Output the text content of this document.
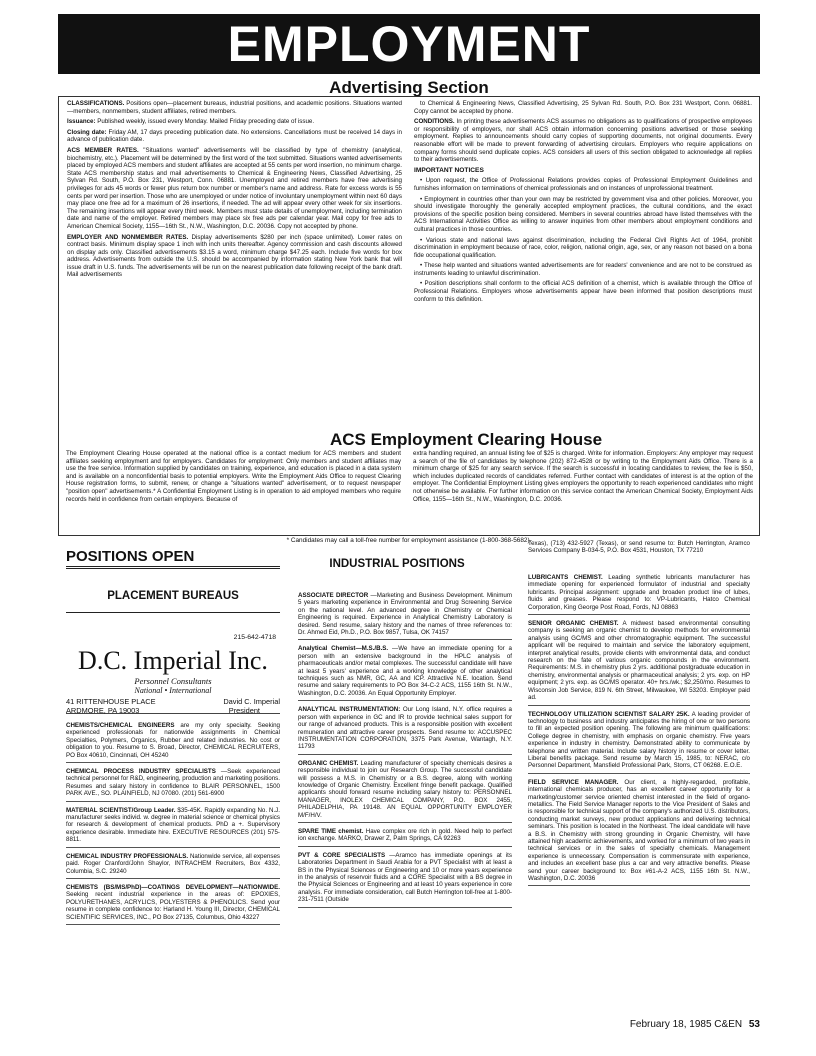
EMPLOYMENT
Advertising Section

CLASSIFICATIONS. Positions open—placement bureaus, industrial positions, and academic positions. Situations wanted—members, nonmembers, student affiliates, retired members.

Issuance: Published weekly, issued every Monday. Mailed Friday preceding date of issue.

Closing date: Friday AM, 17 days preceding publication date. No extensions. Cancellations must be received 14 days in advance of publication date.

ACS MEMBER RATES. "Situations wanted" advertisements will be classified by type of chemistry (analytical, biochemistry, etc.). Placement will be determined by the first word of the text submitted. Situations wanted advertisements placed by employed ACS members and student affiliates are accepted at 55 cents per word insertion, no minimum charge. State ACS membership status and mail advertisements to Chemical & Engineering News, Classified Advertising, 25 Sylvan Rd. South, P.O. Box 231, Westport, Conn. 06881. Unemployed and retired members have free advertising privileges for ads 45 words or fewer plus return box number or member's name and address. Rate for excess words is 55 cents per word per insertion. Those who are unemployed or under notice of involuntary unemployment within next 60 days may place one free ad for a maximum of 26 insertions, if needed. The ad will appear every other week for six insertions. The remaining insertions will appear every third week. Members must state details of unemployment, including termination date and name of the employer. Retired members may place six free ads per calendar year. Mail copy for free ads to American Chemical Society, 1155—16th St., N.W., Washington, D.C. 20036. Copy not accepted by phone.

EMPLOYER AND NONMEMBER RATES. Display advertisements $280 per inch (space unlimited). Lower rates on contract basis. Minimum display space 1 inch with inch units thereafter. Agency commission and cash discounts allowed on display ads only. Classified advertisements $3.15 a word, minimum charge $47.25 each. Include five words for box address. Advertisements from outside the U.S. should be accompanied by information stating New York bank that will issue draft in U.S. funds. The advertisements will be run on the nearest publication date following receipt of the bank draft. Mail advertisements

to Chemical & Engineering News, Classified Advertising, 25 Sylvan Rd. South, P.O. Box 231 Westport, Conn. 06881. Copy cannot be accepted by phone.

CONDITIONS. In printing these advertisements ACS assumes no obligations as to qualifications of prospective employees or responsibility of employers, nor shall ACS obtain information concerning positions advertised or those seeking employment. Replies to announcements should carry copies of supporting documents, not original documents. Every reasonable effort will be made to prevent forwarding of advertising circulars. Employers who require applications on company forms should send duplicate copies. ACS considers all users of this section obligated to acknowledge all replies to their advertisements.

IMPORTANT NOTICES

• Upon request, the Office of Professional Relations provides copies of Professional Employment Guidelines and furnishes information on terminations of chemical professionals and on instances of unprofessional treatment.

• Employment in countries other than your own may be restricted by government visa and other policies. Moreover, you should investigate thoroughly the generally accepted employment practices, the cultural conditions, and the exact provisions of the specific position being considered. Members in several countries abroad have listed themselves with the ACS International Activities Office as willing to answer inquiries from other members about employment conditions and cultural practices in those countries.

• Various state and national laws against discrimination, including the Federal Civil Rights Act of 1964, prohibit discrimination in employment because of race, color, religion, national origin, age, sex, or any reason not based on a bona fide occupational qualification.

• These help wanted and situations wanted advertisements are for readers' convenience and are not to be construed as instruments leading to unlawful discrimination.

• Position descriptions shall conform to the official ACS definition of a chemist, which is available through the Office of Professional Relations. Employers whose advertisements appear have been informed that position descriptions must conform to this definition.

ACS Employment Clearing House
The Employment Clearing House operated at the national office is a contact medium for ACS members and student affiliates seeking employment and for employers. Candidates for employment: Only members and student affiliates may use the free service. Information supplied by candidates on training, experience, and education is placed in a data system and is available on a nonconfidential basis to potential employers. Write the Employment Aids Office to request Clearing House registration forms, to submit, renew, or change a "situations wanted" advertisement, or to request newspaper "position open" advertisements.* A Confidential Employment Listing is in operation to aid employed members who require records held in confidence from certain employers. Because of
extra handling required, an annual listing fee of $25 is charged. Write for information. Employers: Any employer may request a search of the file of candidates by telephone (202) 872-4528 or by writing to the Employment Aids Office. There is a minimum charge of $25 for any search service. If the search is successful in locating candidates to review, the fee is $50, which includes duplicated records of candidates referred. Further contact with candidates of interest is at the option of the employer. The Confidential Employment Listing gives employers the opportunity to reach experienced candidates who might not otherwise be available. For further information on this service contact the American Chemical Society, Employment Aids Office, 1155—16th St., N.W., Washington, D.C. 20036.
* Candidates may call a toll-free number for employment assistance (1-800-368-5682).
POSITIONS OPEN
PLACEMENT BUREAUS
INDUSTRIAL POSITIONS
215-642-4718
D.C. Imperial Inc.
Personnel Consultants
National • International
41 RITTENHOUSE PLACE
ARDMORE, PA 19003
David C. Imperial
President
CHEMISTS/CHEMICAL ENGINEERS are my only specialty. Seeking experienced professionals for nationwide assignments in Chemical Specialties, Polymers, Organics, Rubber and related industries. No cost or obligation to you. Resume to S. Broad, Director, CHEMICAL RECRUITERS, PO Box 40610, Cincinnati, OH 45240
CHEMICAL PROCESS INDUSTRY SPECIALISTS —Seek experienced technical personnel for R&D, engineering, production and marketing positions. Resumes and salary history in confidence to BLAIR PERSONNEL, 1500 PARK AVE., SO. PLAINFIELD, NJ 07080. (201) 561-6900
MATERIAL SCIENTIST/Group Leader. $35-45K. Rapidly expanding No. N.J. manufacturer seeks individ. w. degree in material science or chemical physics for research & development of chemical products. PhD a +. Supervisory experience desirable. Immediate hire. EXECUTIVE RESOURCES (201) 575-8811.
CHEMICAL INDUSTRY PROFESSIONALS. Nationwide service, all expenses paid. Roger Cranford/John Shaylor, INTRACHEM Recruiters, Box 4332, Columbia, S.C. 29240
CHEMISTS (BS/MS/PhD)—COATINGS DEVELOPMENT—NATIONWIDE. Seeking recent industrial experience in the areas of: EPOXIES, POLYURETHANES, ACRYLICS, POLYESTERS & PHENOLICS. Send your resume in complete confidence to: Harland H. Young III, Director, CHEMICAL SCIENTIFIC SERVICES, INC., PO Box 27135, Columbus, Ohio 43227
ASSOCIATE DIRECTOR —Marketing and Business Development. Minimum 5 years marketing experience in Environmental and Drug Screening Service on the national level. An advanced degree in Chemistry or Chemical Engineering is required. Experience in Analytical Chemistry Laboratory is desired. Send resume, salary history and the names of three references to: Dr. Ahmed Eid, Ph.D., P.O. Box 9857, Tulsa, OK 74157
Analytical Chemist—M.S./B.S. —We have an immediate opening for a person with an extensive background in the HPLC analysis of pharmaceuticals and/or metal complexes. The successful candidate will have at least 5 years' experience and a working knowledge of other analytical techniques such as NMR, GC, AA and ICP. Attractive N.E. location. Send resume and salary requirements to PO Box 34-C-2 ACS, 1155 16th St. N.W., Washington, D.C. 20036. An Equal Opportunity Employer.
ANALYTICAL INSTRUMENTATION: Our Long Island, N.Y. office requires a person with experience in GC and IR to provide technical sales support for our range of advanced products. This is a responsible position with excellent remuneration and attractive career prospects. Send resume to: ACCUSPEC INSTRUMENTATION CORPORATION, 3375 Park Avenue, Wantagh, N.Y. 11793
ORGANIC CHEMIST. Leading manufacturer of specialty chemicals desires a responsible individual to join our Research Group. The successful candidate will possess a M.S. in Chemistry or a B.S. degree, along with working knowledge of Organic Chemistry. Excellent fringe benefit package. Qualified applicants should forward resume including salary history to: PERSONNEL MANAGER, INOLEX CHEMICAL COMPANY, P.O. BOX 2455, PHILADELPHIA, PA 19148. AN EQUAL OPPORTUNITY EMPLOYER M/F/H/V.
SPARE TIME chemist. Have complex ore rich in gold. Need help to perfect ion exchange. MARKO, Drawer Z, Palm Springs, CA 92263
PVT & CORE SPECIALISTS —Aramco has immediate openings at its Laboratories Department in Saudi Arabia for a PVT Specialist with at least a BS in the Physical Sciences or Engineering and 10 or more years experience in the analysis of reservoir fluids and a CORE Specialist with a BS degree in the Physical Sciences or Engineering and at least 10 years experience in core analysis. For immediate consideration, call Butch Herrington toll-free at 1-800-231-7511 (Outside
Texas), (713) 432-5927 (Texas), or send resume to: Butch Herrington, Aramco Services Company B-034-5, P.O. Box 4531, Houston, TX 77210
LUBRICANTS CHEMIST. Leading synthetic lubricants manufacturer has immediate opening for experienced formulator of industrial and specialty lubricants. Principal assignment: upgrade and broaden product line of lubes, fluids and greases. Please respond to: VP-Lubricants, Hatco Chemical Corporation, King George Post Road, Fords, NJ 08863
SENIOR ORGANIC CHEMIST. A midwest based environmental consulting company is seeking an organic chemist to develop methods for environmental analysis using GC/MS and other chromatographic equipment. The successful applicant will be required to maintain and service the laboratory equipment, interpret analytical results, provide clients with environmental data, and conduct research on the fate of various organic compounds in the environment. Requirements: M.S. in chemistry plus 2 yrs. additional postgraduate education in chemistry, environmental analysis or pharmaceutical analysis; 2 yrs. exp. on HP equipment; 2 yrs. exp. as GC/MS operator. 40+ hrs./wk.; $2,250/mo. Resumes to Wisconsin Job Service, 819 N. 6th Street, Milwaukee, WI 53203. Employer paid ad.
TECHNOLOGY UTILIZATION SCIENTIST SALARY 25K. A leading provider of technology to business and industry anticipates the hiring of one or two persons to fill an expected position opening. The following are minimum qualifications: College degree in chemistry, with emphasis on organic chemistry. Five years experience in industry in chemistry. Demonstrated ability to communicate by telephone and written material. Include salary history in resume or cover letter. Liberal benefits package. Send resume by March 15, 1985, to: NERAC, c/o Personnel Department, Mansfield Professional Park, Storrs, CT 06268. E.O.E.
FIELD SERVICE MANAGER. Our client, a highly-regarded, profitable, international chemicals producer, has an excellent career opportunity for a marketing/customer service oriented chemist interested in the field of organo-metallics. The Field Service Manager reports to the Vice President of Sales and is responsible for technical support of the company's authorized U.S. distributors, conducting market surveys, new product applications and delivering technical seminars. This position is located in the Northeast. The ideal candidate will have a B.S. in Chemistry with strong grounding in Organic Chemistry, will have attained high academic achievements, and worked for a minimum of two years in technical services or in the sales of specialty chemicals. Management experience is unnecessary. Compensation is commensurate with experience, and includes an excellent base plus a car and very attractive benefits. Please send your career background to: Box #61-A-2 ACS, 1155 16th St. N.W., Washington, D.C. 20036
February 18, 1985 C&EN 53
